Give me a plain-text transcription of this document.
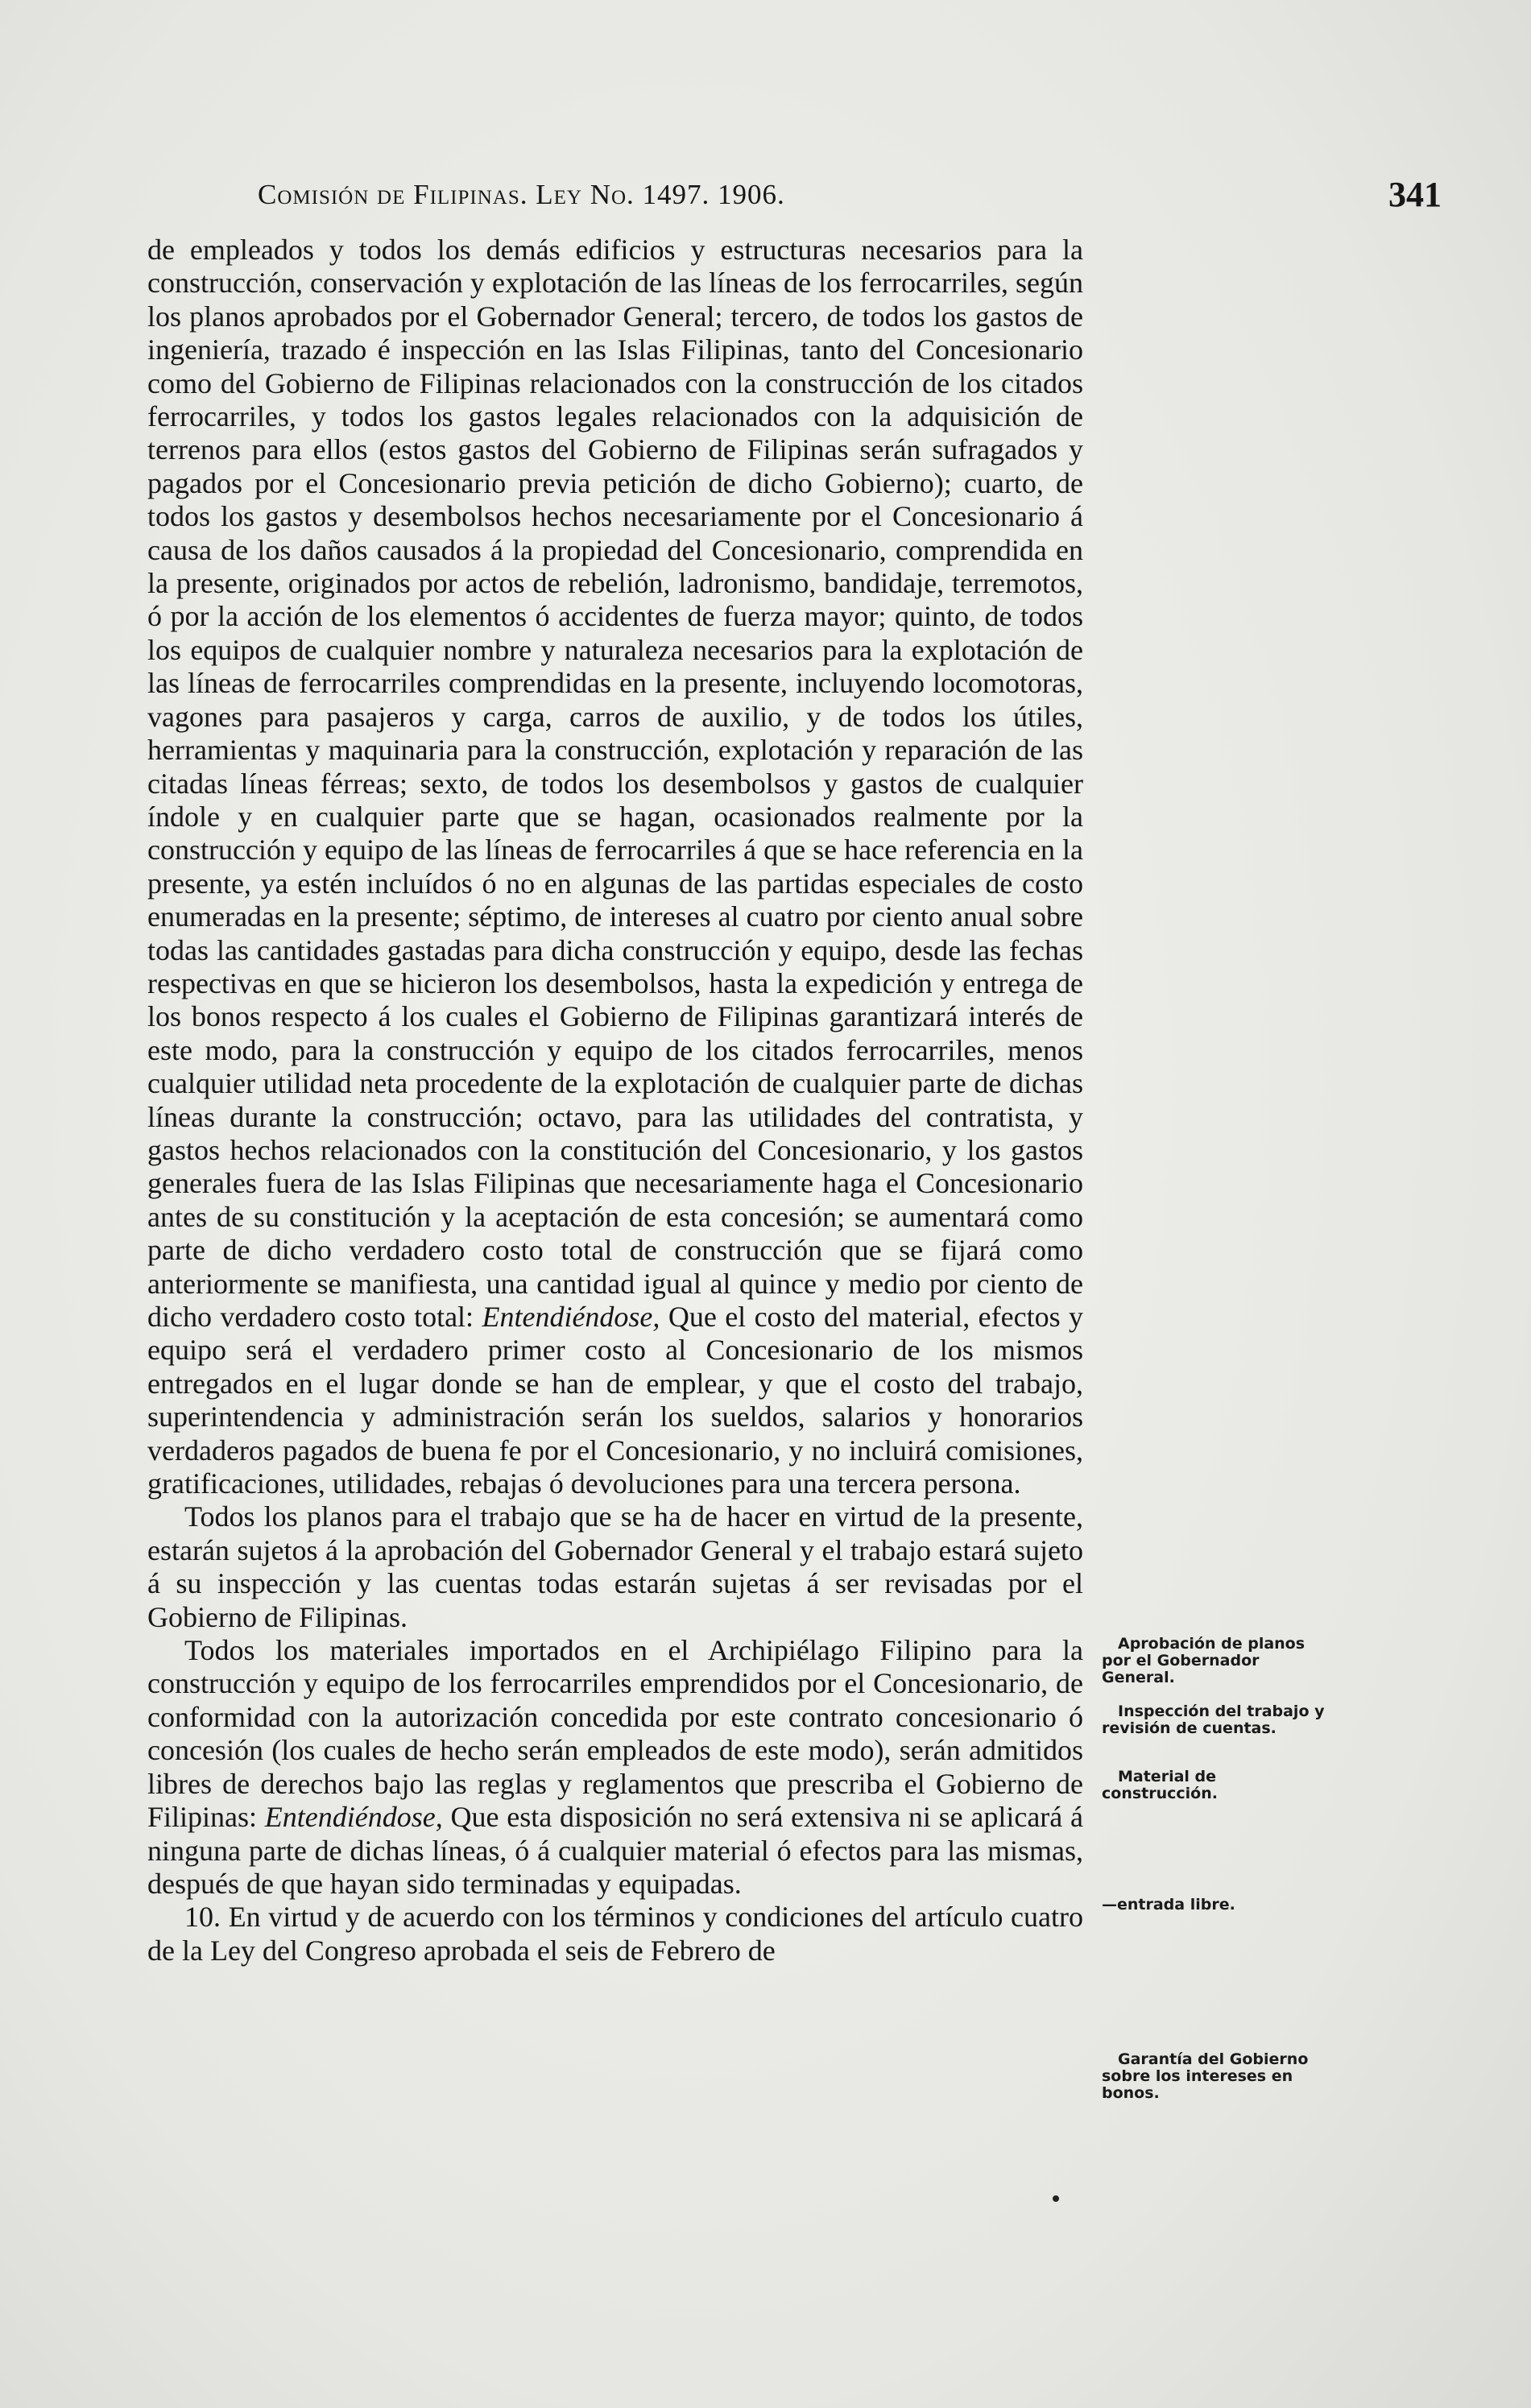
Comisión de Filipinas. Ley No. 1497. 1906.	341

de empleados y todos los demás edificios y estructuras necesarios para la construcción, conservación y explotación de las líneas de los ferrocarriles, según los planos aprobados por el Gobernador General; tercero, de todos los gastos de ingeniería, trazado é inspección en las Islas Filipinas, tanto del Concesionario como del Gobierno de Filipinas relacionados con la construcción de los citados ferrocarriles, y todos los gastos legales relacionados con la adquisición de terrenos para ellos (estos gastos del Gobierno de Filipinas serán sufragados y pagados por el Concesionario previa petición de dicho Gobierno); cuarto, de todos los gastos y desembolsos hechos necesariamente por el Concesionario á causa de los daños causados á la propiedad del Concesionario, comprendida en la presente, originados por actos de rebelión, ladronismo, bandidaje, terremotos, ó por la acción de los elementos ó accidentes de fuerza mayor; quinto, de todos los equipos de cualquier nombre y naturaleza necesarios para la explotación de las líneas de ferrocarriles comprendidas en la presente, incluyendo locomotoras, vagones para pasajeros y carga, carros de auxilio, y de todos los útiles, herramientas y maquinaria para la construcción, explotación y reparación de las citadas líneas férreas; sexto, de todos los desembolsos y gastos de cualquier índole y en cualquier parte que se hagan, ocasionados realmente por la construcción y equipo de las líneas de ferrocarriles á que se hace referencia en la presente, ya estén incluídos ó no en algunas de las partidas especiales de costo enumeradas en la presente; séptimo, de intereses al cuatro por ciento anual sobre todas las cantidades gastadas para dicha construcción y equipo, desde las fechas respectivas en que se hicieron los desembolsos, hasta la expedición y entrega de los bonos respecto á los cuales el Gobierno de Filipinas garantizará interés de este modo, para la construcción y equipo de los citados ferrocarriles, menos cualquier utilidad neta procedente de la explotación de cualquier parte de dichas líneas durante la construcción; octavo, para las utilidades del contratista, y gastos hechos relacionados con la constitución del Concesionario, y los gastos generales fuera de las Islas Filipinas que necesariamente haga el Concesionario antes de su constitución y la aceptación de esta concesión; se aumentará como parte de dicho verdadero costo total de construcción que se fijará como anteriormente se manifiesta, una cantidad igual al quince y medio por ciento de dicho verdadero costo total: Entendiéndose, Que el costo del material, efectos y equipo será el verdadero primer costo al Concesionario de los mismos entregados en el lugar donde se han de emplear, y que el costo del trabajo, superintendencia y administración serán los sueldos, salarios y honorarios verdaderos pagados de buena fe por el Concesionario, y no incluirá comisiones, gratificaciones, utilidades, rebajas ó devoluciones para una tercera persona.

Todos los planos para el trabajo que se ha de hacer en virtud de la presente, estarán sujetos á la aprobación del Gobernador General y el trabajo estará sujeto á su inspección y las cuentas todas estarán sujetas á ser revisadas por el Gobierno de Filipinas.

Todos los materiales importados en el Archipiélago Filipino para la construcción y equipo de los ferrocarriles emprendidos por el Concesionario, de conformidad con la autorización concedida por este contrato concesionario ó concesión (los cuales de hecho serán empleados de este modo), serán admitidos libres de derechos bajo las reglas y reglamentos que prescriba el Gobierno de Filipinas: Entendiéndose, Que esta disposición no será extensiva ni se aplicará á ninguna parte de dichas líneas, ó á cualquier material ó efectos para las mismas, después de que hayan sido terminadas y equipadas.

10. En virtud y de acuerdo con los términos y condiciones del artículo cuatro de la Ley del Congreso aprobada el seis de Febrero de

Aprobación de planos por el Gobernador General.
Inspección del trabajo y revisión de cuentas.
Material de construcción.
—entrada libre.
Garantía del Gobierno sobre los intereses en bonos.
